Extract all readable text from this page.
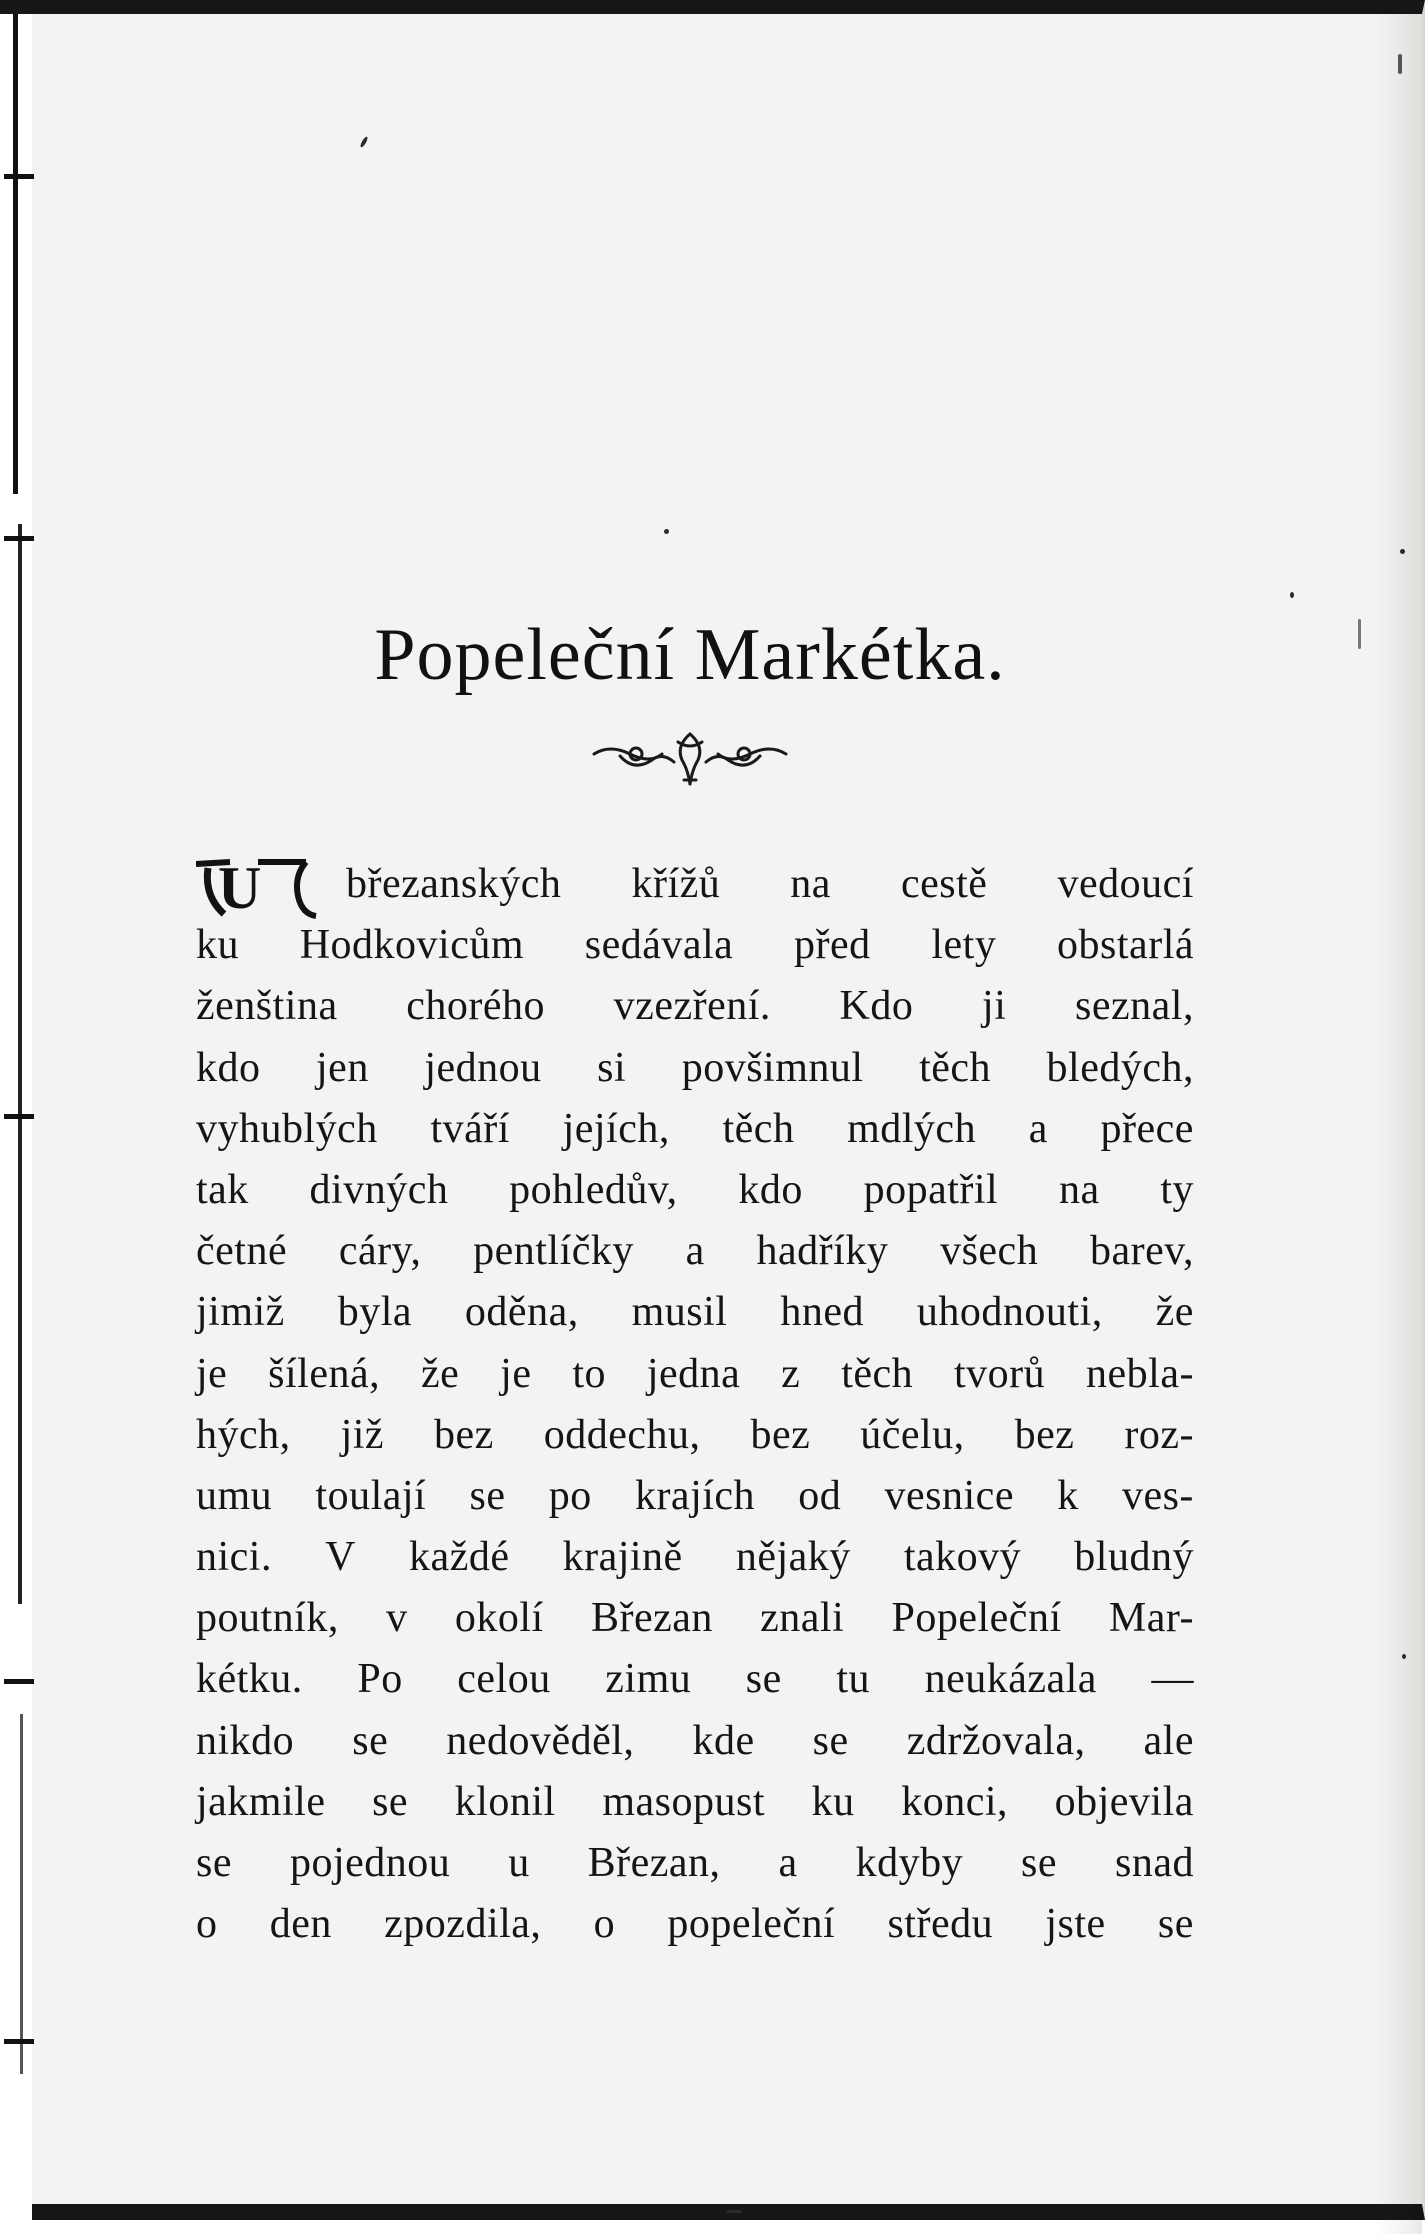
Popeleční Markétka.
U březanských křížů na cestě vedoucí
ku Hodkovicům sedávala před lety obstarlá
ženština chorého vzezření. Kdo ji seznal,
kdo jen jednou si povšimnul těch bledých,
vyhublých tváří jejích, těch mdlých a přece
tak divných pohledův, kdo popatřil na ty
četné cáry, pentlíčky a hadříky všech barev,
jimiž byla oděna, musil hned uhodnouti, že
je šílená, že je to jedna z těch tvorů nebla-
hých, již bez oddechu, bez účelu, bez roz-
umu toulají se po krajích od vesnice k ves-
nici. V každé krajině nějaký takový bludný
poutník, v okolí Březan znali Popeleční Mar-
kétku. Po celou zimu se tu neukázala —
nikdo se nedověděl, kde se zdržovala, ale
jakmile se klonil masopust ku konci, objevila
se pojednou u Březan, a kdyby se snad
o den zpozdila, o popeleční středu jste se
